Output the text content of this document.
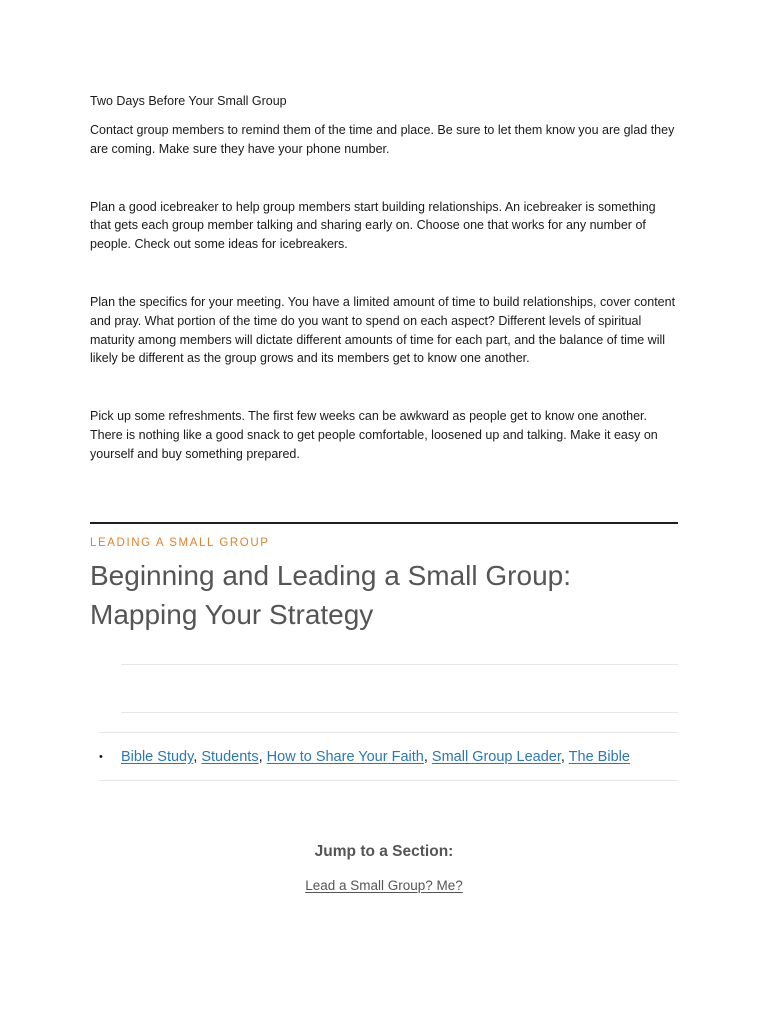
Two Days Before Your Small Group

Contact group members to remind them of the time and place. Be sure to let them know you are glad they are coming. Make sure they have your phone number.

Plan a good icebreaker to help group members start building relationships. An icebreaker is something that gets each group member talking and sharing early on. Choose one that works for any number of people. Check out some ideas for icebreakers.

Plan the specifics for your meeting. You have a limited amount of time to build relationships, cover content and pray. What portion of the time do you want to spend on each aspect? Different levels of spiritual maturity among members will dictate different amounts of time for each part, and the balance of time will likely be different as the group grows and its members get to know one another.

Pick up some refreshments. The first few weeks can be awkward as people get to know one another. There is nothing like a good snack to get people comfortable, loosened up and talking. Make it easy on yourself and buy something prepared.

LEADING A SMALL GROUP
Beginning and Leading a Small Group:
Mapping Your Strategy
• Bible Study, Students, How to Share Your Faith, Small Group Leader, The Bible
Jump to a Section:
Lead a Small Group? Me?
